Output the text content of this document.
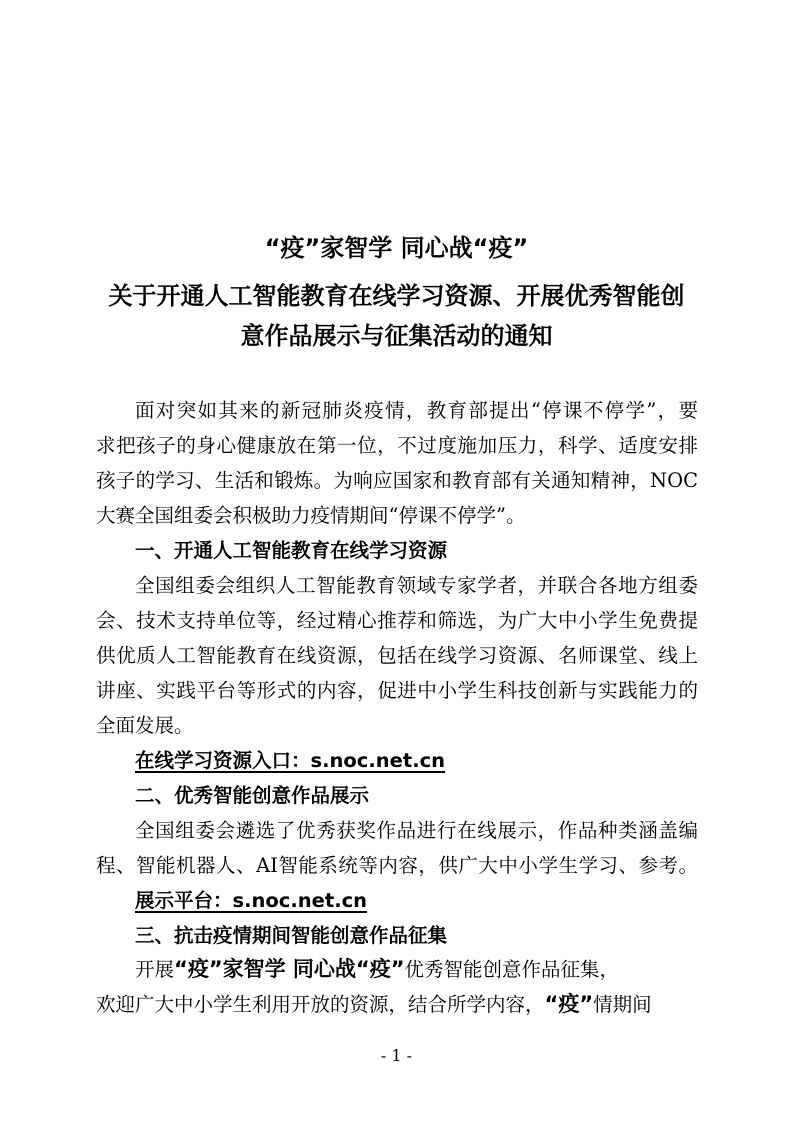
“疫”家智学 同心战“疫”
关于开通人工智能教育在线学习资源、开展优秀智能创
意作品展示与征集活动的通知
面对突如其来的新冠肺炎疫情，教育部提出“停课不停学”，要
求把孩子的身心健康放在第一位，不过度施加压力，科学、适度安排
孩子的学习、生活和锻炼。为响应国家和教育部有关通知精神，NOC
大赛全国组委会积极助力疫情期间“停课不停学”。
一、开通人工智能教育在线学习资源
全国组委会组织人工智能教育领域专家学者，并联合各地方组委
会、技术支持单位等，经过精心推荐和筛选，为广大中小学生免费提
供优质人工智能教育在线资源，包括在线学习资源、名师课堂、线上
讲座、实践平台等形式的内容，促进中小学生科技创新与实践能力的
全面发展。
在线学习资源入口：s.noc.net.cn
二、优秀智能创意作品展示
全国组委会遴选了优秀获奖作品进行在线展示，作品种类涵盖编
程、智能机器人、AI智能系统等内容，供广大中小学生学习、参考。
展示平台：s.noc.net.cn
三、抗击疫情期间智能创意作品征集
开展“疫”家智学 同心战“疫”优秀智能创意作品征集，
欢迎广大中小学生利用开放的资源，结合所学内容，“疫”情期间
- 1 -
